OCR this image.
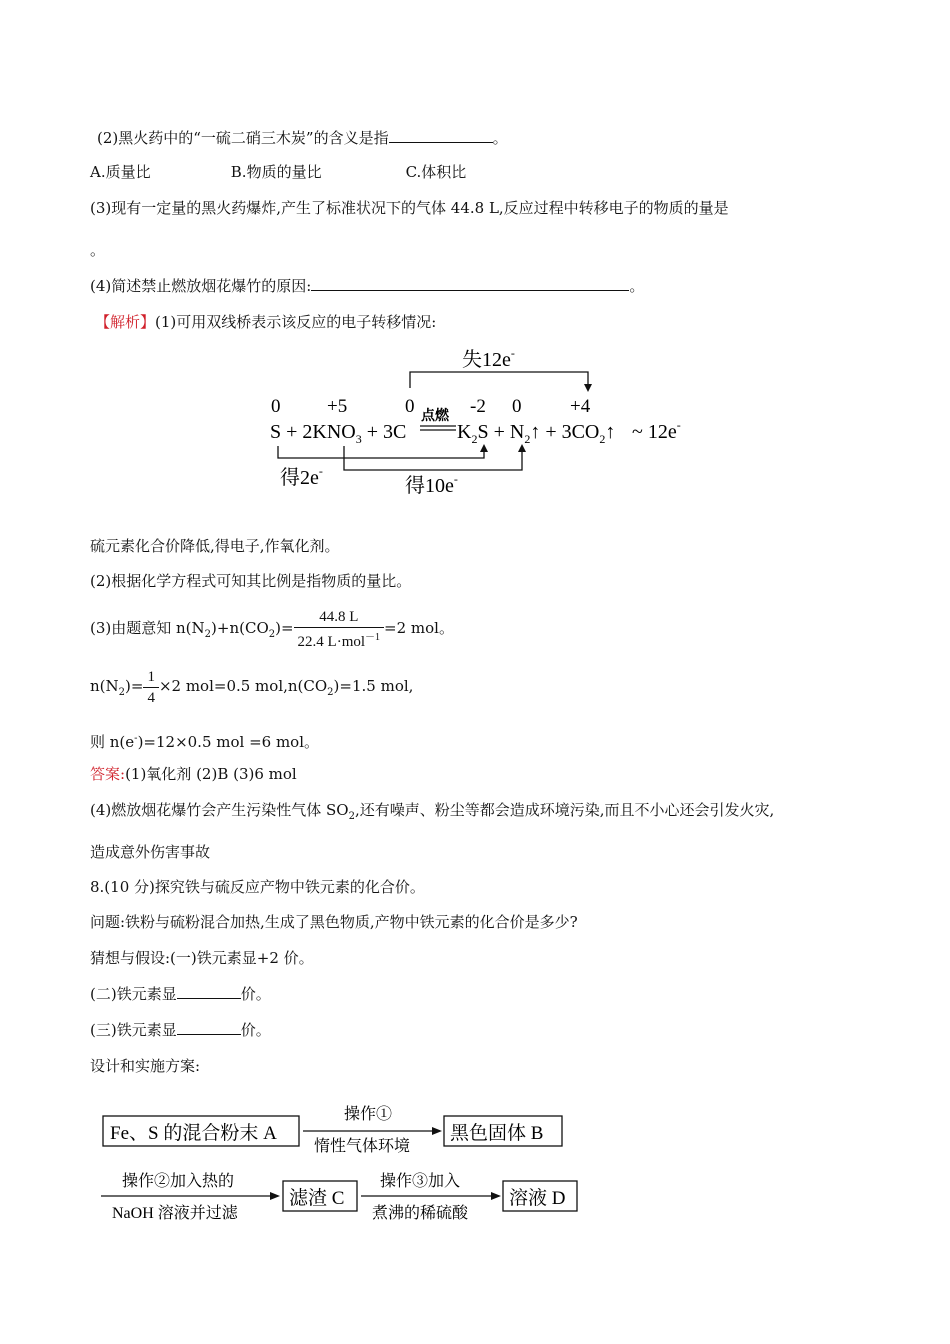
(2)黑火药中的“一硫二硝三木炭”的含义是指	。
A.质量比	B.物质的量比	C.体积比
(3)现有一定量的黑火药爆炸,产生了标准状况下的气体 44.8 L,反应过程中转移电子的物质的量是
。
(4)简述禁止燃放烟花爆竹的原因:	。
【解析】(1)可用双线桥表示该反应的电子转移情况:
失12e-
0 +5	0	-2 0	+4
点燃
$S + 2KNO_3 + 3C$	$K_2S$ + $N_2↑$ + $3CO_2↑$ ~ 12e-
得2e-
得10e-
硫元素化合价降低,得电子,作氧化剂。
(2)根据化学方程式可知其比例是指物质的量比。
(3)由题意知 $n(N_2)+n(CO_2)= \frac{44.8 L}{22.4 L\cdot mol^{-1}} =2$ mol。
$n(N_2)= \frac{1}{4} \times 2$ mol=0.5 $mol,n(CO_2)=1.5$ mol,
则 n(e-)=12×0.5 mol =6 mol。
答案:(1)氧化剂 (2)B (3)6 mol
(4)燃放烟花爆竹会产生污染性气体 $SO_2$,还有噪声、粉尘等都会造成环境污染,而且不小心还会引发火灾,
造成意外伤害事故
8.(10 分)探究铁与硫反应产物中铁元素的化合价。
问题:铁粉与硫粉混合加热,生成了黑色物质,产物中铁元素的化合价是多少?
猜想与假设:(一)铁元素显+2 价。
(二)铁元素显	价。
(三)铁元素显	价。
设计和实施方案:
Fe、S 的混合粉末 A
操作①
惰性气体环境
黑色固体 B
操作②加入热的
NaOH 溶液并过滤
滤渣 C
操作③加入
煮沸的稀硫酸
溶液 D
